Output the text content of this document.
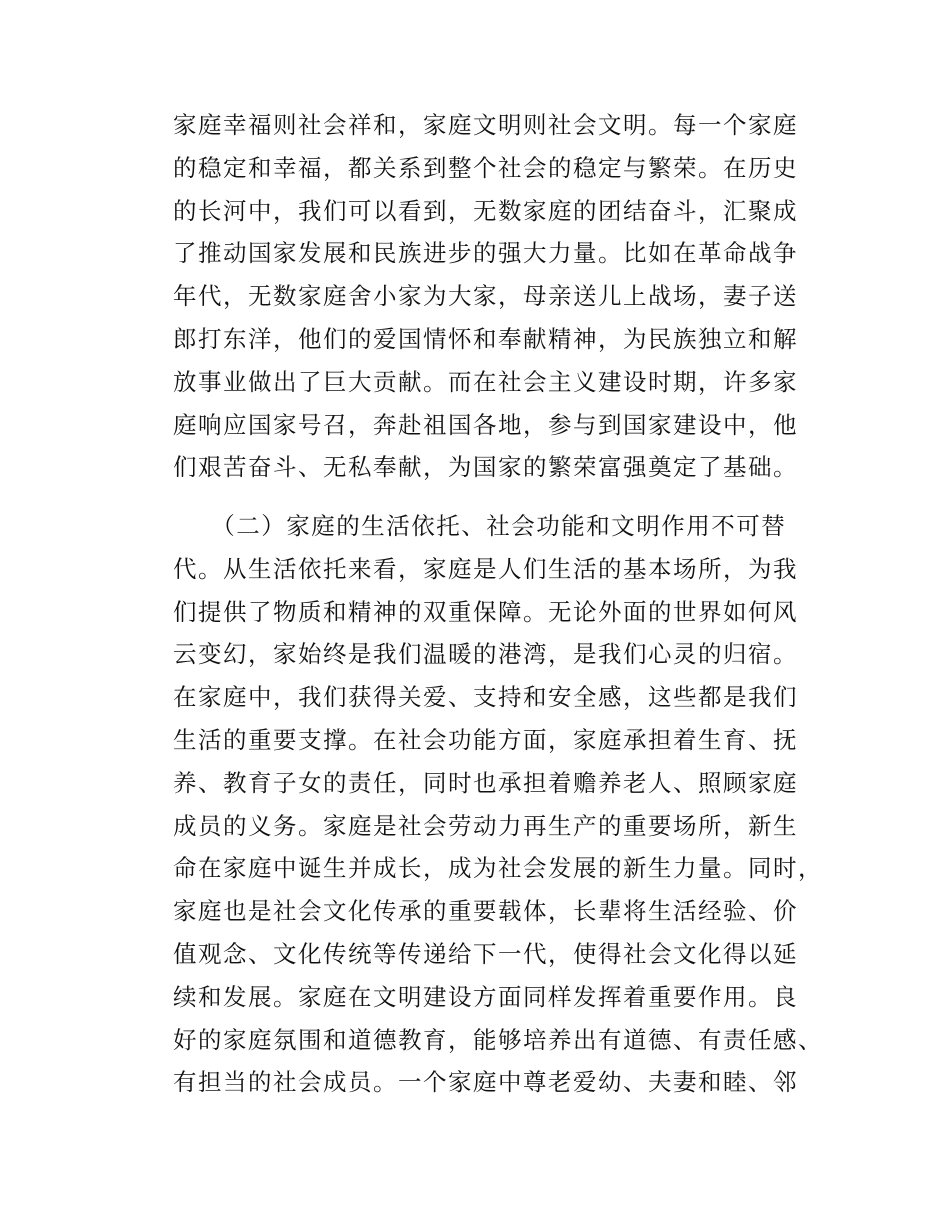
家庭幸福则社会祥和，家庭文明则社会文明。每一个家庭
的稳定和幸福，都关系到整个社会的稳定与繁荣。在历史
的长河中，我们可以看到，无数家庭的团结奋斗，汇聚成
了推动国家发展和民族进步的强大力量。比如在革命战争
年代，无数家庭舍小家为大家，母亲送儿上战场，妻子送
郎打东洋，他们的爱国情怀和奉献精神，为民族独立和解
放事业做出了巨大贡献。而在社会主义建设时期，许多家
庭响应国家号召，奔赴祖国各地，参与到国家建设中，他
们艰苦奋斗、无私奉献，为国家的繁荣富强奠定了基础。
　　（二）家庭的生活依托、社会功能和文明作用不可替
代。从生活依托来看，家庭是人们生活的基本场所，为我
们提供了物质和精神的双重保障。无论外面的世界如何风
云变幻，家始终是我们温暖的港湾，是我们心灵的归宿。
在家庭中，我们获得关爱、支持和安全感，这些都是我们
生活的重要支撑。在社会功能方面，家庭承担着生育、抚
养、教育子女的责任，同时也承担着赡养老人、照顾家庭
成员的义务。家庭是社会劳动力再生产的重要场所，新生
命在家庭中诞生并成长，成为社会发展的新生力量。同时，
家庭也是社会文化传承的重要载体，长辈将生活经验、价
值观念、文化传统等传递给下一代，使得社会文化得以延
续和发展。家庭在文明建设方面同样发挥着重要作用。良
好的家庭氛围和道德教育，能够培养出有道德、有责任感、
有担当的社会成员。一个家庭中尊老爱幼、夫妻和睦、邻
